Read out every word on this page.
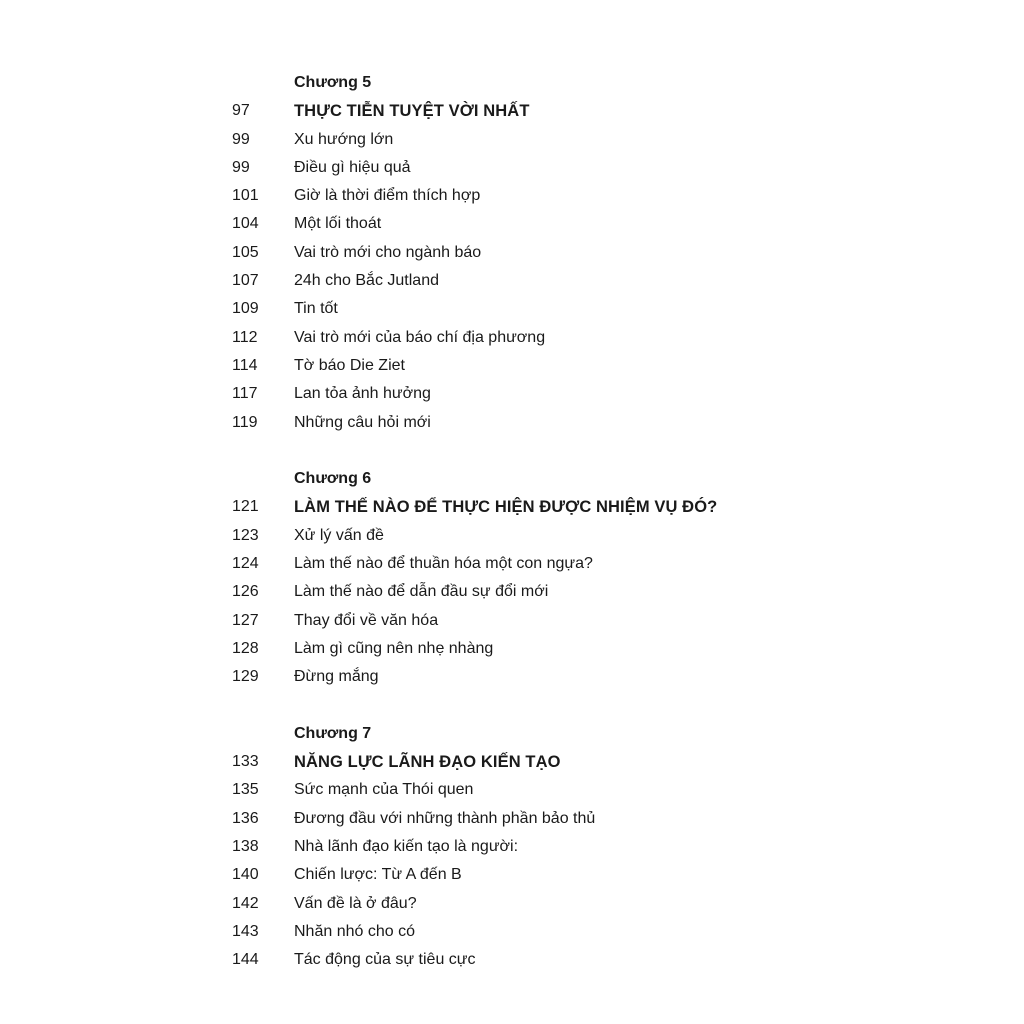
Chương 5
97	THỰC TIỄN TUYỆT VỜI NHẤT
99	Xu hướng lớn
99	Điều gì hiệu quả
101	Giờ là thời điểm thích hợp
104	Một lối thoát
105	Vai trò mới cho ngành báo
107	24h cho Bắc Jutland
109	Tin tốt
112	Vai trò mới của báo chí địa phương
114	Tờ báo Die Ziet
117	Lan tỏa ảnh hưởng
119	Những câu hỏi mới
Chương 6
121	LÀM THẾ NÀO ĐỂ THỰC HIỆN ĐƯỢC NHIỆM VỤ ĐÓ?
123	Xử lý vấn đề
124	Làm thế nào để thuần hóa một con ngựa?
126	Làm thế nào để dẫn đầu sự đổi mới
127	Thay đổi về văn hóa
128	Làm gì cũng nên nhẹ nhàng
129	Đừng mắng
Chương 7
133	NĂNG LỰC LÃNH ĐẠO KIẾN TẠO
135	Sức mạnh của Thói quen
136	Đương đầu với những thành phần bảo thủ
138	Nhà lãnh đạo kiến tạo là người:
140	Chiến lược: Từ A đến B
142	Vấn đề là ở đâu?
143	Nhăn nhó cho có
144	Tác động của sự tiêu cực
